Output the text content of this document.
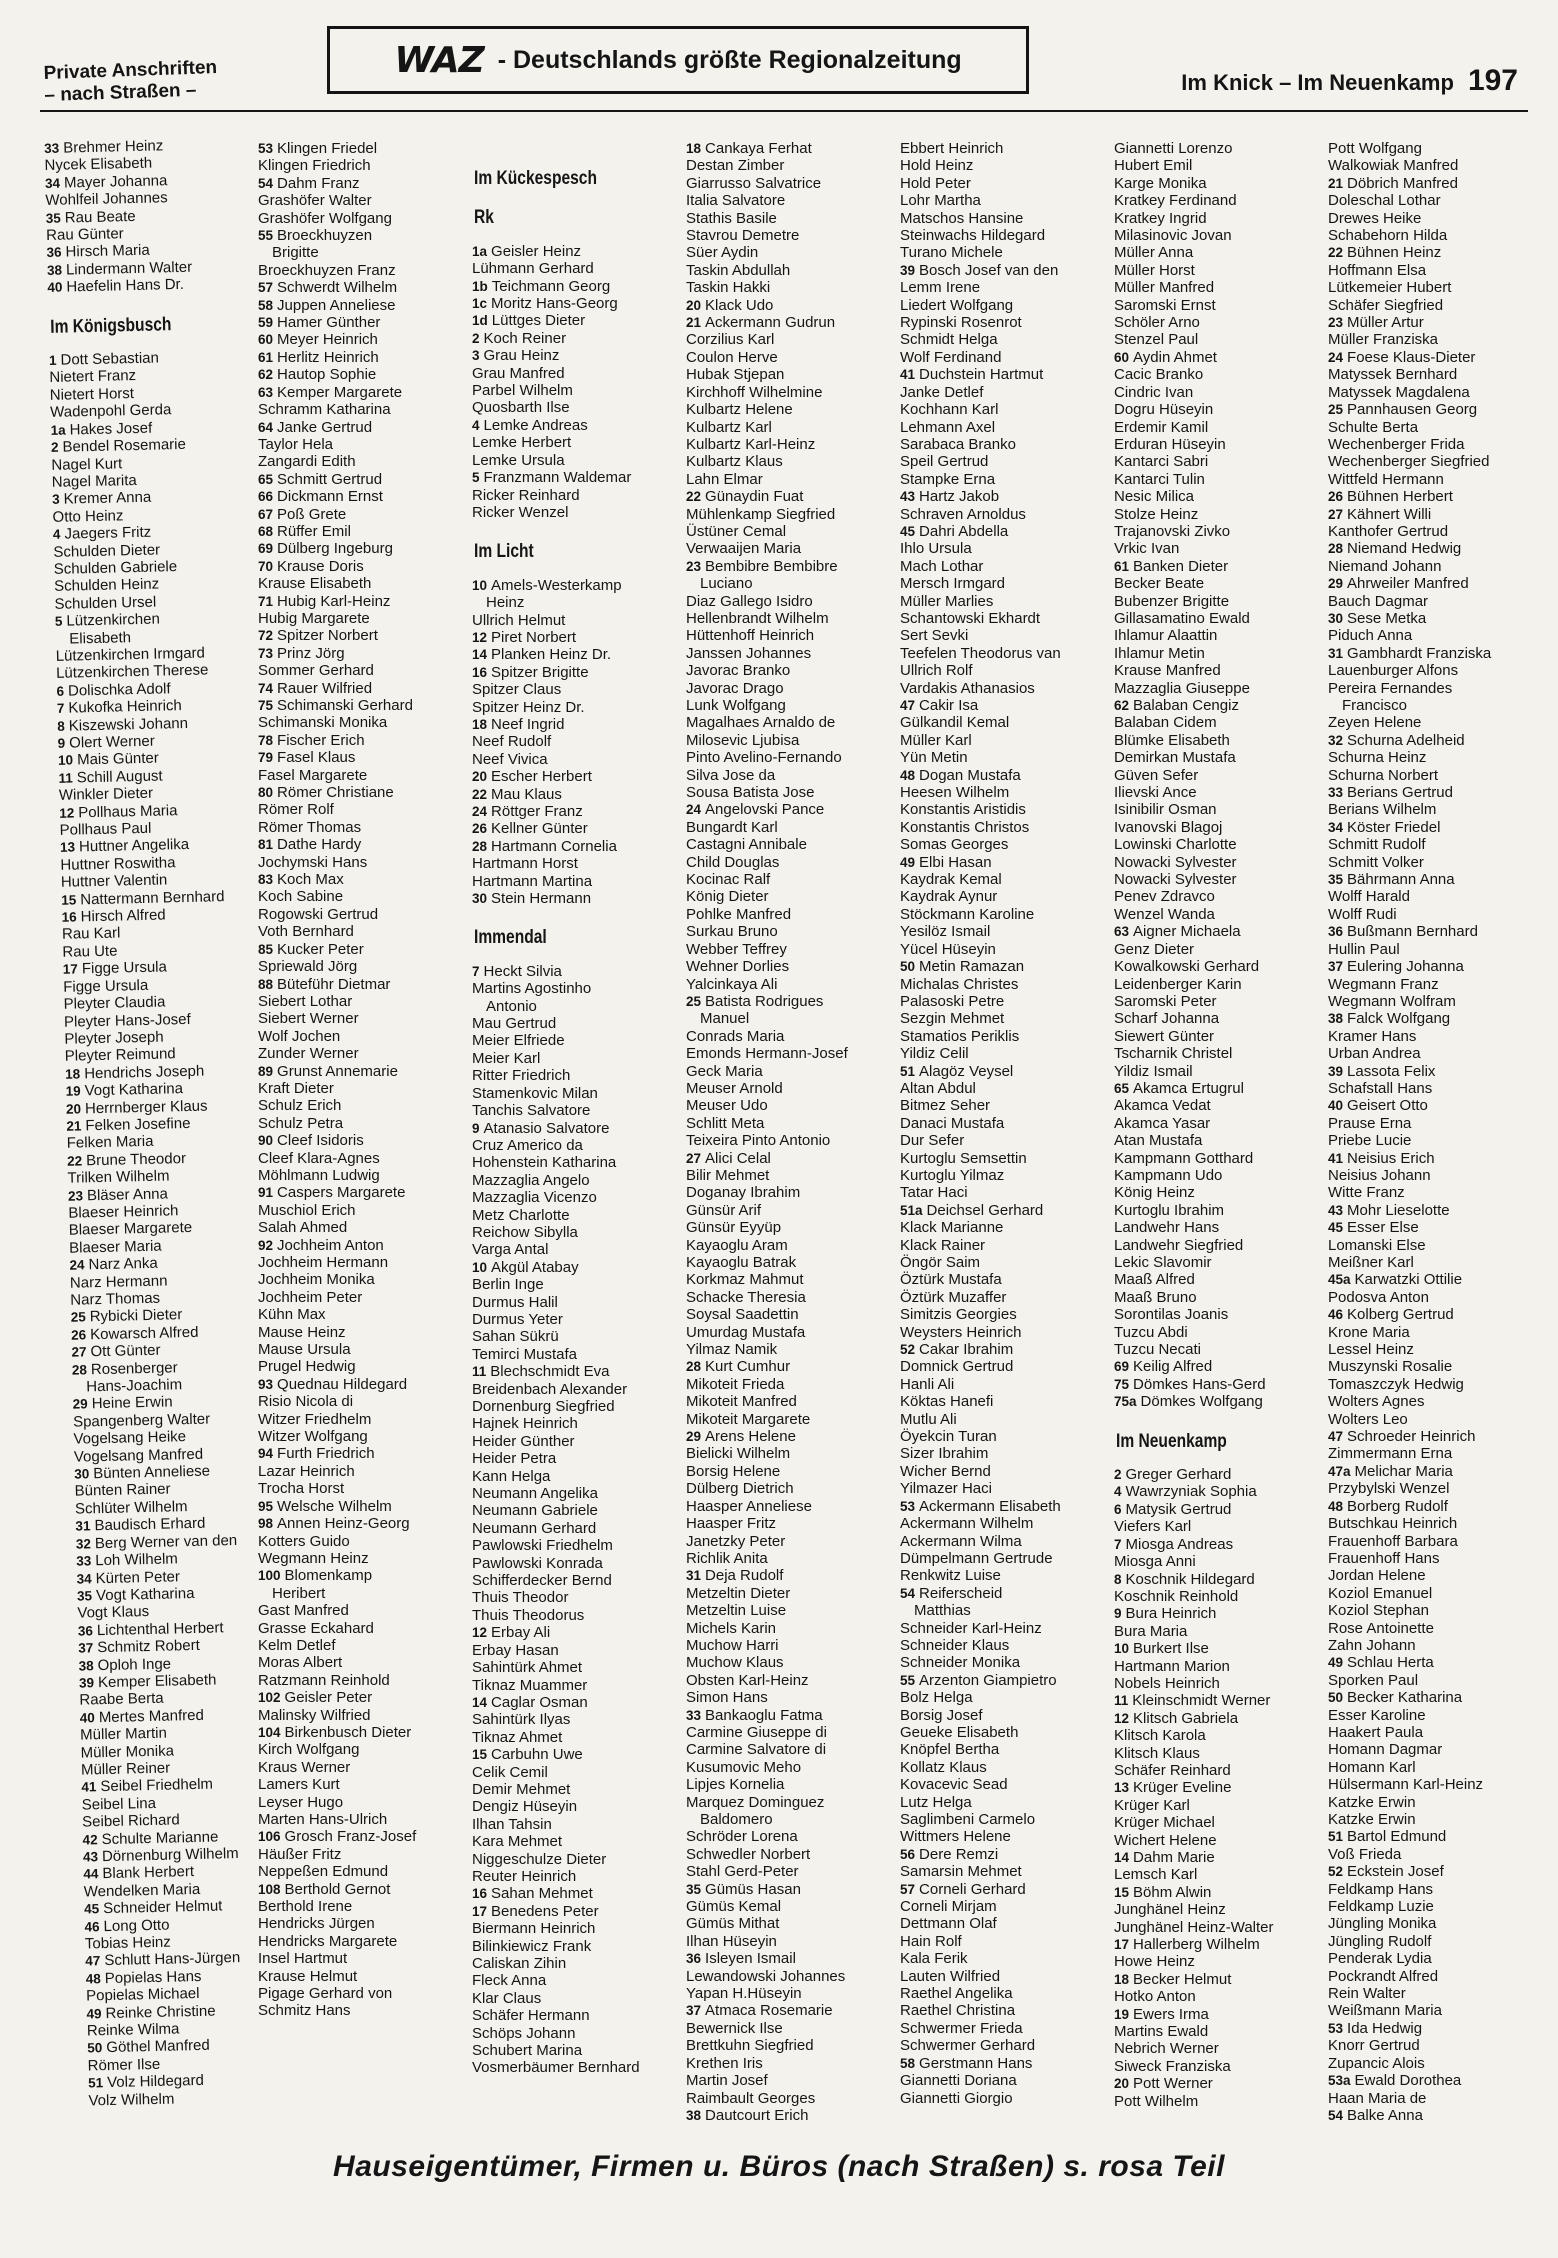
Private Anschriften
– nach Straßen –
WAZ - Deutschlands größte Regionalzeitung
Im Knick – Im Neuenkamp 197
33 Brehmer Heinz
Nycek Elisabeth
34 Mayer Johanna
Wohlfeil Johannes
35 Rau Beate
Rau Günter
36 Hirsch Maria
38 Lindermann Walter
40 Haefelin Hans Dr.
Im Königsbusch
1 Dott Sebastian
Nietert Franz
Nietert Horst
Wadenpohl Gerda
1a Hakes Josef
2 Bendel Rosemarie
Nagel Kurt
Nagel Marita
3 Kremer Anna
Otto Heinz
4 Jaegers Fritz
Schulden Dieter
Schulden Gabriele
Schulden Heinz
Schulden Ursel
5 Lützenkirchen
Elisabeth
Lützenkirchen Irmgard
Lützenkirchen Therese
6 Dolischka Adolf
7 Kukofka Heinrich
8 Kiszewski Johann
9 Olert Werner
10 Mais Günter
11 Schill August
Winkler Dieter
12 Pollhaus Maria
Pollhaus Paul
13 Huttner Angelika
Huttner Roswitha
Huttner Valentin
15 Nattermann Bernhard
16 Hirsch Alfred
Rau Karl
Rau Ute
17 Figge Ursula
Figge Ursula
Pleyter Claudia
Pleyter Hans-Josef
Pleyter Joseph
Pleyter Reimund
18 Hendrichs Joseph
19 Vogt Katharina
20 Herrnberger Klaus
21 Felken Josefine
Felken Maria
22 Brune Theodor
Trilken Wilhelm
23 Bläser Anna
Blaeser Heinrich
Blaeser Margarete
Blaeser Maria
24 Narz Anka
Narz Hermann
Narz Thomas
25 Rybicki Dieter
26 Kowarsch Alfred
27 Ott Günter
28 Rosenberger
Hans-Joachim
29 Heine Erwin
Spangenberg Walter
Vogelsang Heike
Vogelsang Manfred
30 Bünten Anneliese
Bünten Rainer
Schlüter Wilhelm
31 Baudisch Erhard
32 Berg Werner van den
33 Loh Wilhelm
34 Kürten Peter
35 Vogt Katharina
Vogt Klaus
36 Lichtenthal Herbert
37 Schmitz Robert
38 Oploh Inge
39 Kemper Elisabeth
Raabe Berta
40 Mertes Manfred
Müller Martin
Müller Monika
Müller Reiner
41 Seibel Friedhelm
Seibel Lina
Seibel Richard
42 Schulte Marianne
43 Dörnenburg Wilhelm
44 Blank Herbert
Wendelken Maria
45 Schneider Helmut
46 Long Otto
Tobias Heinz
47 Schlutt Hans-Jürgen
48 Popielas Hans
Popielas Michael
49 Reinke Christine
Reinke Wilma
50 Göthel Manfred
Römer Ilse
51 Volz Hildegard
Volz Wilhelm
53 Klingen Friedel
Klingen Friedrich
54 Dahm Franz
Grashöfer Walter
Grashöfer Wolfgang
55 Broeckhuyzen
Brigitte
Broeckhuyzen Franz
57 Schwerdt Wilhelm
58 Juppen Anneliese
59 Hamer Günther
60 Meyer Heinrich
61 Herlitz Heinrich
62 Hautop Sophie
63 Kemper Margarete
Schramm Katharina
64 Janke Gertrud
Taylor Hela
Zangardi Edith
65 Schmitt Gertrud
66 Dickmann Ernst
67 Poß Grete
68 Rüffer Emil
69 Dülberg Ingeburg
70 Krause Doris
Krause Elisabeth
71 Hubig Karl-Heinz
Hubig Margarete
72 Spitzer Norbert
73 Prinz Jörg
Sommer Gerhard
74 Rauer Wilfried
75 Schimanski Gerhard
Schimanski Monika
78 Fischer Erich
79 Fasel Klaus
Fasel Margarete
80 Römer Christiane
Römer Rolf
Römer Thomas
81 Dathe Hardy
Jochymski Hans
83 Koch Max
Koch Sabine
Rogowski Gertrud
Voth Bernhard
85 Kucker Peter
Spriewald Jörg
88 Büteführ Dietmar
Siebert Lothar
Siebert Werner
Wolf Jochen
Zunder Werner
89 Grunst Annemarie
Kraft Dieter
Schulz Erich
Schulz Petra
90 Cleef Isidoris
Cleef Klara-Agnes
Möhlmann Ludwig
91 Caspers Margarete
Muschiol Erich
Salah Ahmed
92 Jochheim Anton
Jochheim Hermann
Jochheim Monika
Jochheim Peter
Kühn Max
Mause Heinz
Mause Ursula
Prugel Hedwig
93 Quednau Hildegard
Risio Nicola di
Witzer Friedhelm
Witzer Wolfgang
94 Furth Friedrich
Lazar Heinrich
Trocha Horst
95 Welsche Wilhelm
98 Annen Heinz-Georg
Kotters Guido
Wegmann Heinz
100 Blomenkamp
Heribert
Gast Manfred
Grasse Eckahard
Kelm Detlef
Moras Albert
Ratzmann Reinhold
102 Geisler Peter
Malinsky Wilfried
104 Birkenbusch Dieter
Kirch Wolfgang
Kraus Werner
Lamers Kurt
Leyser Hugo
Marten Hans-Ulrich
106 Grosch Franz-Josef
Häußer Fritz
Neppeßen Edmund
108 Berthold Gernot
Berthold Irene
Hendricks Jürgen
Hendricks Margarete
Insel Hartmut
Krause Helmut
Pigage Gerhard von
Schmitz Hans
Im Kückespesch
Rk
1a Geisler Heinz
Lühmann Gerhard
1b Teichmann Georg
1c Moritz Hans-Georg
1d Lüttges Dieter
2 Koch Reiner
3 Grau Heinz
Grau Manfred
Parbel Wilhelm
Quosbarth Ilse
4 Lemke Andreas
Lemke Herbert
Lemke Ursula
5 Franzmann Waldemar
Ricker Reinhard
Ricker Wenzel
Im Licht
10 Amels-Westerkamp
Heinz
Ullrich Helmut
12 Piret Norbert
14 Planken Heinz Dr.
16 Spitzer Brigitte
Spitzer Claus
Spitzer Heinz Dr.
18 Neef Ingrid
Neef Rudolf
Neef Vivica
20 Escher Herbert
22 Mau Klaus
24 Röttger Franz
26 Kellner Günter
28 Hartmann Cornelia
Hartmann Horst
Hartmann Martina
30 Stein Hermann
Immendal
7 Heckt Silvia
Martins Agostinho
Antonio
Mau Gertrud
Meier Elfriede
Meier Karl
Ritter Friedrich
Stamenkovic Milan
Tanchis Salvatore
9 Atanasio Salvatore
Cruz Americo da
Hohenstein Katharina
Mazzaglia Angelo
Mazzaglia Vicenzo
Metz Charlotte
Reichow Sibylla
Varga Antal
10 Akgül Atabay
Berlin Inge
Durmus Halil
Durmus Yeter
Sahan Sükrü
Temirci Mustafa
11 Blechschmidt Eva
Breidenbach Alexander
Dornenburg Siegfried
Hajnek Heinrich
Heider Günther
Heider Petra
Kann Helga
Neumann Angelika
Neumann Gabriele
Neumann Gerhard
Pawlowski Friedhelm
Pawlowski Konrada
Schifferdecker Bernd
Thuis Theodor
Thuis Theodorus
12 Erbay Ali
Erbay Hasan
Sahintürk Ahmet
Tiknaz Muammer
14 Caglar Osman
Sahintürk Ilyas
Tiknaz Ahmet
15 Carbuhn Uwe
Celik Cemil
Demir Mehmet
Dengiz Hüseyin
Ilhan Tahsin
Kara Mehmet
Niggeschulze Dieter
Reuter Heinrich
16 Sahan Mehmet
17 Benedens Peter
Biermann Heinrich
Bilinkiewicz Frank
Caliskan Zihin
Fleck Anna
Klar Claus
Schäfer Hermann
Schöps Johann
Schubert Marina
Vosmerbäumer Bernhard
18 Cankaya Ferhat
Destan Zimber
Giarrusso Salvatrice
Italia Salvatore
Stathis Basile
Stavrou Demetre
Süer Aydin
Taskin Abdullah
Taskin Hakki
20 Klack Udo
21 Ackermann Gudrun
Corzilius Karl
Coulon Herve
Hubak Stjepan
Kirchhoff Wilhelmine
Kulbartz Helene
Kulbartz Karl
Kulbartz Karl-Heinz
Kulbartz Klaus
Lahn Elmar
22 Günaydin Fuat
Mühlenkamp Siegfried
Üstüner Cemal
Verwaaijen Maria
23 Bembibre Bembibre
Luciano
Diaz Gallego Isidro
Hellenbrandt Wilhelm
Hüttenhoff Heinrich
Janssen Johannes
Javorac Branko
Javorac Drago
Lunk Wolfgang
Magalhaes Arnaldo de
Milosevic Ljubisa
Pinto Avelino-Fernando
Silva Jose da
Sousa Batista Jose
24 Angelovski Pance
Bungardt Karl
Castagni Annibale
Child Douglas
Kocinac Ralf
König Dieter
Pohlke Manfred
Surkau Bruno
Webber Teffrey
Wehner Dorlies
Yalcinkaya Ali
25 Batista Rodrigues
Manuel
Conrads Maria
Emonds Hermann-Josef
Geck Maria
Meuser Arnold
Meuser Udo
Schlitt Meta
Teixeira Pinto Antonio
27 Alici Celal
Bilir Mehmet
Doganay Ibrahim
Günsür Arif
Günsür Eyyüp
Kayaoglu Aram
Kayaoglu Batrak
Korkmaz Mahmut
Schacke Theresia
Soysal Saadettin
Umurdag Mustafa
Yilmaz Namik
28 Kurt Cumhur
Mikoteit Frieda
Mikoteit Manfred
Mikoteit Margarete
29 Arens Helene
Bielicki Wilhelm
Borsig Helene
Dülberg Dietrich
Haasper Anneliese
Haasper Fritz
Janetzky Peter
Richlik Anita
31 Deja Rudolf
Metzeltin Dieter
Metzeltin Luise
Michels Karin
Muchow Harri
Muchow Klaus
Obsten Karl-Heinz
Simon Hans
33 Bankaoglu Fatma
Carmine Giuseppe di
Carmine Salvatore di
Kusumovic Meho
Lipjes Kornelia
Marquez Dominguez
Baldomero
Schröder Lorena
Schwedler Norbert
Stahl Gerd-Peter
35 Gümüs Hasan
Gümüs Kemal
Gümüs Mithat
Ilhan Hüseyin
36 Isleyen Ismail
Lewandowski Johannes
Yapan H.Hüseyin
37 Atmaca Rosemarie
Bewernick Ilse
Brettkuhn Siegfried
Krethen Iris
Martin Josef
Raimbault Georges
38 Dautcourt Erich
Ebbert Heinrich
Hold Heinz
Hold Peter
Lohr Martha
Matschos Hansine
Steinwachs Hildegard
Turano Michele
39 Bosch Josef van den
Lemm Irene
Liedert Wolfgang
Rypinski Rosenrot
Schmidt Helga
Wolf Ferdinand
41 Duchstein Hartmut
Janke Detlef
Kochhann Karl
Lehmann Axel
Sarabaca Branko
Speil Gertrud
Stampke Erna
43 Hartz Jakob
Schraven Arnoldus
45 Dahri Abdella
Ihlo Ursula
Mach Lothar
Mersch Irmgard
Müller Marlies
Schantowski Ekhardt
Sert Sevki
Teefelen Theodorus van
Ullrich Rolf
Vardakis Athanasios
47 Cakir Isa
Gülkandil Kemal
Müller Karl
Yün Metin
48 Dogan Mustafa
Heesen Wilhelm
Konstantis Aristidis
Konstantis Christos
Somas Georges
49 Elbi Hasan
Kaydrak Kemal
Kaydrak Aynur
Stöckmann Karoline
Yesilöz Ismail
Yücel Hüseyin
50 Metin Ramazan
Michalas Christes
Palasoski Petre
Sezgin Mehmet
Stamatios Periklis
Yildiz Celil
51 Alagöz Veysel
Altan Abdul
Bitmez Seher
Danaci Mustafa
Dur Sefer
Kurtoglu Semsettin
Kurtoglu Yilmaz
Tatar Haci
51a Deichsel Gerhard
Klack Marianne
Klack Rainer
Öngör Saim
Öztürk Mustafa
Öztürk Muzaffer
Simitzis Georgies
Weysters Heinrich
52 Cakar Ibrahim
Domnick Gertrud
Hanli Ali
Köktas Hanefi
Mutlu Ali
Öyekcin Turan
Sizer Ibrahim
Wicher Bernd
Yilmazer Haci
53 Ackermann Elisabeth
Ackermann Wilhelm
Ackermann Wilma
Dümpelmann Gertrude
Renkwitz Luise
54 Reiferscheid
Matthias
Schneider Karl-Heinz
Schneider Klaus
Schneider Monika
55 Arzenton Giampietro
Bolz Helga
Borsig Josef
Geueke Elisabeth
Knöpfel Bertha
Kollatz Klaus
Kovacevic Sead
Lutz Helga
Saglimbeni Carmelo
Wittmers Helene
56 Dere Remzi
Samarsin Mehmet
57 Corneli Gerhard
Corneli Mirjam
Dettmann Olaf
Hain Rolf
Kala Ferik
Lauten Wilfried
Raethel Angelika
Raethel Christina
Schwermer Frieda
Schwermer Gerhard
58 Gerstmann Hans
Giannetti Doriana
Giannetti Giorgio
Giannetti Lorenzo
Hubert Emil
Karge Monika
Kratkey Ferdinand
Kratkey Ingrid
Milasinovic Jovan
Müller Anna
Müller Horst
Müller Manfred
Saromski Ernst
Schöler Arno
Stenzel Paul
60 Aydin Ahmet
Cacic Branko
Cindric Ivan
Dogru Hüseyin
Erdemir Kamil
Erduran Hüseyin
Kantarci Sabri
Kantarci Tulin
Nesic Milica
Stolze Heinz
Trajanovski Zivko
Vrkic Ivan
61 Banken Dieter
Becker Beate
Bubenzer Brigitte
Gillasamatino Ewald
Ihlamur Alaattin
Ihlamur Metin
Krause Manfred
Mazzaglia Giuseppe
62 Balaban Cengiz
Balaban Cidem
Blümke Elisabeth
Demirkan Mustafa
Güven Sefer
Ilievski Ance
Isinibilir Osman
Ivanovski Blagoj
Lowinski Charlotte
Nowacki Sylvester
Nowacki Sylvester
Penev Zdravco
Wenzel Wanda
63 Aigner Michaela
Genz Dieter
Kowalkowski Gerhard
Leidenberger Karin
Saromski Peter
Scharf Johanna
Siewert Günter
Tscharnik Christel
Yildiz Ismail
65 Akamca Ertugrul
Akamca Vedat
Akamca Yasar
Atan Mustafa
Kampmann Gotthard
Kampmann Udo
König Heinz
Kurtoglu Ibrahim
Landwehr Hans
Landwehr Siegfried
Lekic Slavomir
Maaß Alfred
Maaß Bruno
Sorontilas Joanis
Tuzcu Abdi
Tuzcu Necati
69 Keilig Alfred
75 Dömkes Hans-Gerd
75a Dömkes Wolfgang
Im Neuenkamp
2 Greger Gerhard
4 Wawrzyniak Sophia
6 Matysik Gertrud
Viefers Karl
7 Miosga Andreas
Miosga Anni
8 Koschnik Hildegard
Koschnik Reinhold
9 Bura Heinrich
Bura Maria
10 Burkert Ilse
Hartmann Marion
Nobels Heinrich
11 Kleinschmidt Werner
12 Klitsch Gabriela
Klitsch Karola
Klitsch Klaus
Schäfer Reinhard
13 Krüger Eveline
Krüger Karl
Krüger Michael
Wichert Helene
14 Dahm Marie
Lemsch Karl
15 Böhm Alwin
Junghänel Heinz
Junghänel Heinz-Walter
17 Hallerberg Wilhelm
Howe Heinz
18 Becker Helmut
Hotko Anton
19 Ewers Irma
Martins Ewald
Nebrich Werner
Siweck Franziska
20 Pott Werner
Pott Wilhelm
Pott Wolfgang
Walkowiak Manfred
21 Döbrich Manfred
Doleschal Lothar
Drewes Heike
Schabehorn Hilda
22 Bühnen Heinz
Hoffmann Elsa
Lütkemeier Hubert
Schäfer Siegfried
23 Müller Artur
Müller Franziska
24 Foese Klaus-Dieter
Matyssek Bernhard
Matyssek Magdalena
25 Pannhausen Georg
Schulte Berta
Wechenberger Frida
Wechenberger Siegfried
Wittfeld Hermann
26 Bühnen Herbert
27 Kähnert Willi
Kanthofer Gertrud
28 Niemand Hedwig
Niemand Johann
29 Ahrweiler Manfred
Bauch Dagmar
30 Sese Metka
Piduch Anna
31 Gambhardt Franziska
Lauenburger Alfons
Pereira Fernandes
Francisco
Zeyen Helene
32 Schurna Adelheid
Schurna Heinz
Schurna Norbert
33 Berians Gertrud
Berians Wilhelm
34 Köster Friedel
Schmitt Rudolf
Schmitt Volker
35 Bährmann Anna
Wolff Harald
Wolff Rudi
36 Bußmann Bernhard
Hullin Paul
37 Eulering Johanna
Wegmann Franz
Wegmann Wolfram
38 Falck Wolfgang
Kramer Hans
Urban Andrea
39 Lassota Felix
Schafstall Hans
40 Geisert Otto
Prause Erna
Priebe Lucie
41 Neisius Erich
Neisius Johann
Witte Franz
43 Mohr Lieselotte
45 Esser Else
Lomanski Else
Meißner Karl
45a Karwatzki Ottilie
Podosva Anton
46 Kolberg Gertrud
Krone Maria
Lessel Heinz
Muszynski Rosalie
Tomaszczyk Hedwig
Wolters Agnes
Wolters Leo
47 Schroeder Heinrich
Zimmermann Erna
47a Melichar Maria
Przybylski Wenzel
48 Borberg Rudolf
Butschkau Heinrich
Frauenhoff Barbara
Frauenhoff Hans
Jordan Helene
Koziol Emanuel
Koziol Stephan
Rose Antoinette
Zahn Johann
49 Schlau Herta
Sporken Paul
50 Becker Katharina
Esser Karoline
Haakert Paula
Homann Dagmar
Homann Karl
Hülsermann Karl-Heinz
Katzke Erwin
Katzke Erwin
51 Bartol Edmund
Voß Frieda
52 Eckstein Josef
Feldkamp Hans
Feldkamp Luzie
Jüngling Monika
Jüngling Rudolf
Penderak Lydia
Pockrandt Alfred
Rein Walter
Weißmann Maria
53 Ida Hedwig
Knorr Gertrud
Zupancic Alois
53a Ewald Dorothea
Haan Maria de
54 Balke Anna
Hauseigentümer, Firmen u. Büros (nach Straßen) s. rosa Teil
